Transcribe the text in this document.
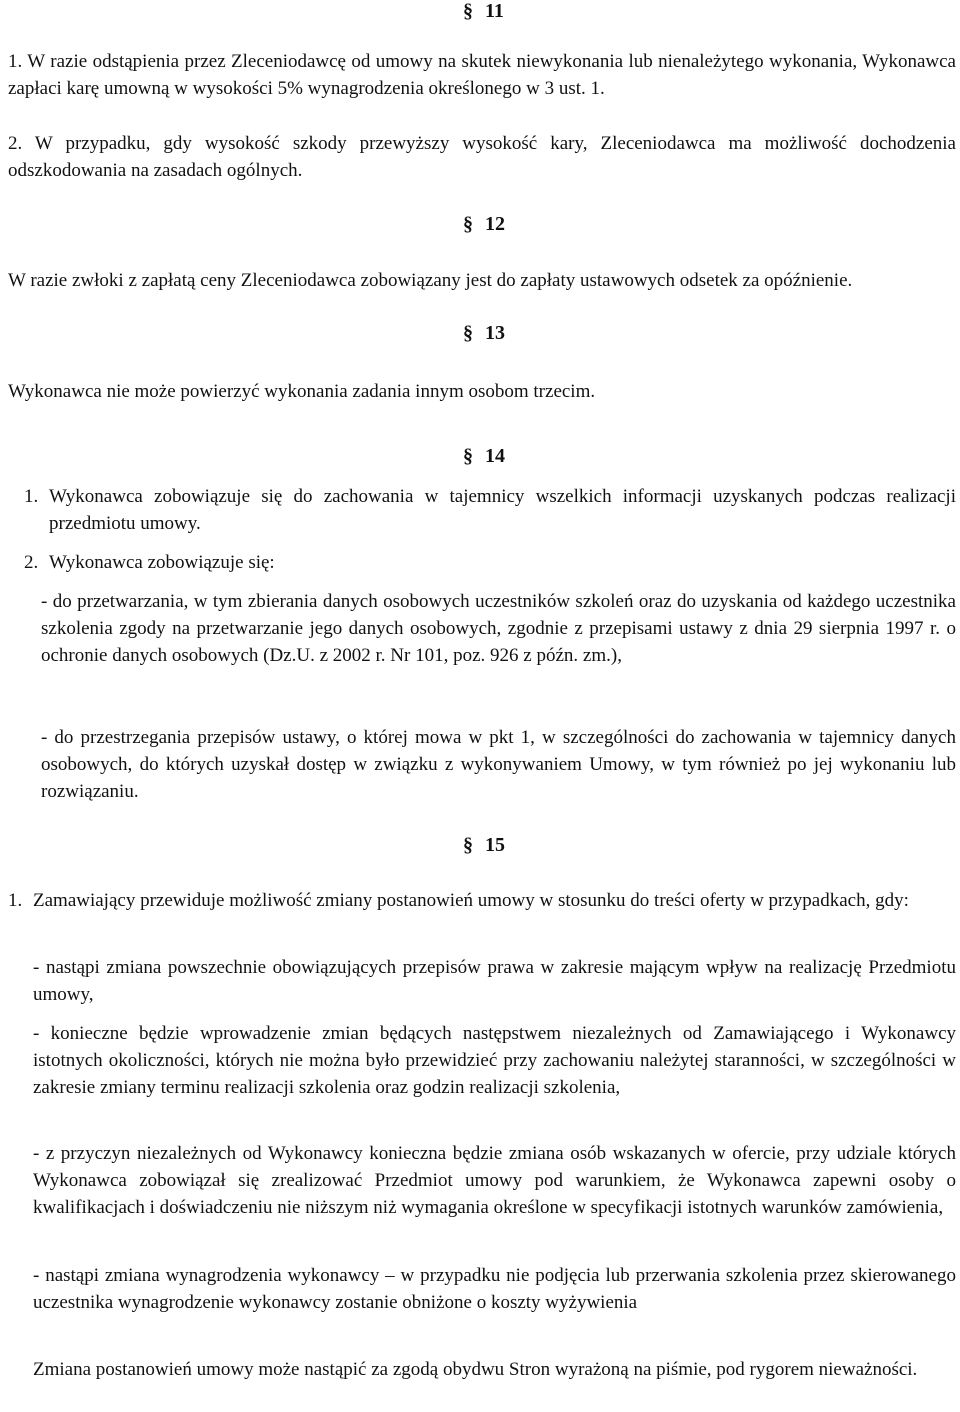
§ 11
1. W razie odstąpienia przez Zleceniodawcę od umowy na skutek niewykonania lub nienależytego wykonania, Wykonawca zapłaci karę umowną w wysokości 5% wynagrodzenia określonego w 3 ust. 1.
2. W przypadku, gdy wysokość szkody przewyższy wysokość kary, Zleceniodawca ma możliwość dochodzenia odszkodowania na zasadach ogólnych.
§ 12
W razie zwłoki z zapłatą ceny Zleceniodawca zobowiązany jest do zapłaty ustawowych odsetek za opóźnienie.
§ 13
Wykonawca nie może powierzyć wykonania zadania innym osobom trzecim.
§ 14
1. Wykonawca zobowiązuje się do zachowania w tajemnicy wszelkich informacji uzyskanych podczas realizacji przedmiotu umowy.
2. Wykonawca zobowiązuje się:
- do przetwarzania, w tym zbierania danych osobowych uczestników szkoleń oraz do uzyskania od każdego uczestnika szkolenia zgody na przetwarzanie jego danych osobowych, zgodnie z przepisami ustawy z dnia 29 sierpnia 1997 r. o ochronie danych osobowych (Dz.U. z 2002 r. Nr 101, poz. 926 z późn. zm.),
- do przestrzegania przepisów ustawy, o której mowa w pkt 1, w szczególności do zachowania w tajemnicy danych osobowych, do których uzyskał dostęp w związku z wykonywaniem Umowy, w tym również po jej wykonaniu lub rozwiązaniu.
§ 15
1. Zamawiający przewiduje możliwość zmiany postanowień umowy w stosunku do treści oferty w przypadkach, gdy:
- nastąpi zmiana powszechnie obowiązujących przepisów prawa w zakresie mającym wpływ na realizację Przedmiotu umowy,
- konieczne będzie wprowadzenie zmian będących następstwem niezależnych od Zamawiającego i Wykonawcy istotnych okoliczności, których nie można było przewidzieć przy zachowaniu należytej staranności, w szczególności w zakresie zmiany terminu realizacji szkolenia oraz godzin realizacji szkolenia,
- z przyczyn niezależnych od Wykonawcy konieczna będzie zmiana osób wskazanych w ofercie, przy udziale których Wykonawca zobowiązał się zrealizować Przedmiot umowy pod warunkiem, że Wykonawca zapewni osoby o kwalifikacjach i doświadczeniu nie niższym niż wymagania określone w specyfikacji istotnych warunków zamówienia,
- nastąpi zmiana wynagrodzenia wykonawcy – w przypadku nie podjęcia lub przerwania szkolenia przez skierowanego uczestnika wynagrodzenie wykonawcy zostanie obniżone o koszty wyżywienia
Zmiana postanowień umowy może nastąpić za zgodą obydwu Stron wyrażoną na piśmie, pod rygorem nieważności.
